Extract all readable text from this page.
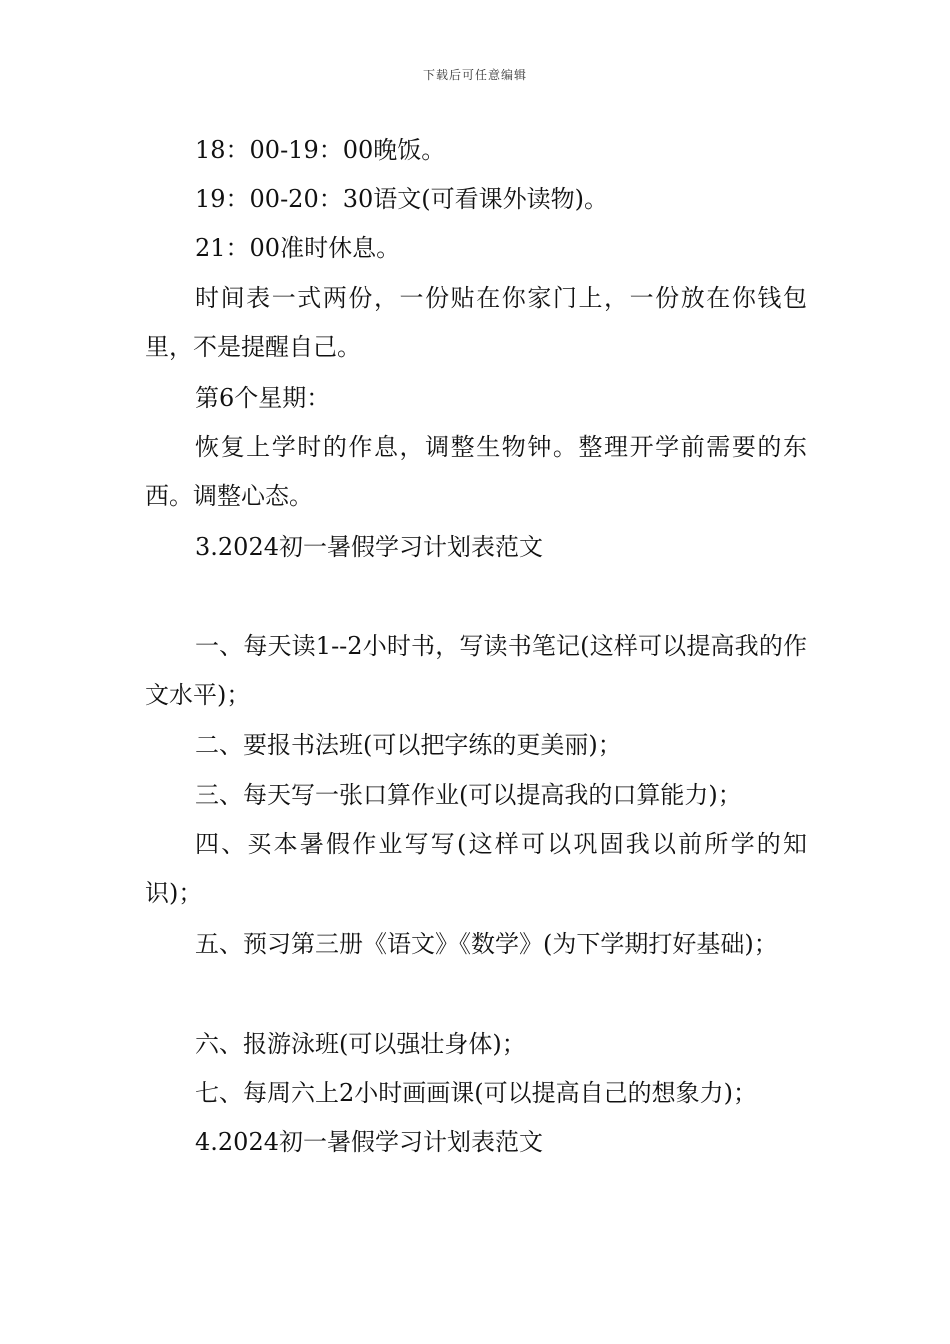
下载后可任意编辑
18：00-19：00晚饭。
19：00-20：30语文(可看课外读物)。
21：00准时休息。
时间表一式两份，一份贴在你家门上，一份放在你钱包里，不是提醒自己。
第6个星期：
恢复上学时的作息，调整生物钟。整理开学前需要的东西。调整心态。
3.2024初一暑假学习计划表范文
一、每天读1--2小时书，写读书笔记(这样可以提高我的作文水平)；
二、要报书法班(可以把字练的更美丽)；
三、每天写一张口算作业(可以提高我的口算能力)；
四、买本暑假作业写写(这样可以巩固我以前所学的知识)；
五、预习第三册《语文》《数学》(为下学期打好基础)；
六、报游泳班(可以强壮身体)；
七、每周六上2小时画画课(可以提高自己的想象力)；
4.2024初一暑假学习计划表范文
